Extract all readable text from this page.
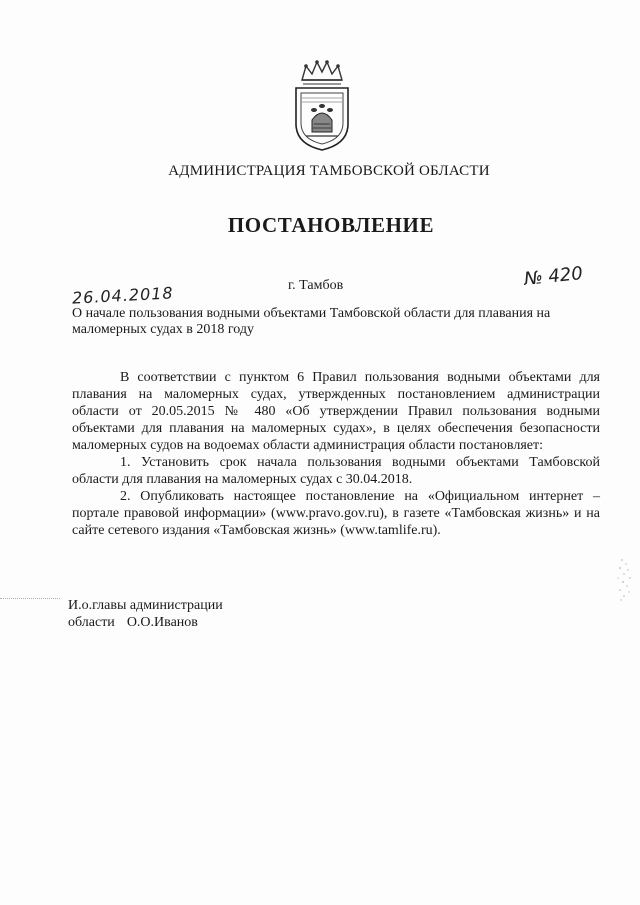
АДМИНИСТРАЦИЯ ТАМБОВСКОЙ ОБЛАСТИ
ПОСТАНОВЛЕНИЕ
26.04.2018	г. Тамбов	№ 420
О начале пользования водными объектами Тамбовской области для плавания на маломерных судах в 2018 году

В соответствии с пунктом 6 Правил пользования водными объектами для плавания на маломерных судах, утвержденных постановлением администрации области от 20.05.2015 № 480 «Об утверждении Правил пользования водными объектами для плавания на маломерных судах», в целях обеспечения безопасности маломерных судов на водоемах области администрация области постановляет:

1. Установить срок начала пользования водными объектами Тамбовской области для плавания на маломерных судах с 30.04.2018.

2. Опубликовать настоящее постановление на «Официальном интернет – портале правовой информации» (www.pravo.gov.ru), в газете «Тамбовская жизнь» и на сайте сетевого издания «Тамбовская жизнь» (www.tamlife.ru).

И.о.главы администрации
области О.О.Иванов
